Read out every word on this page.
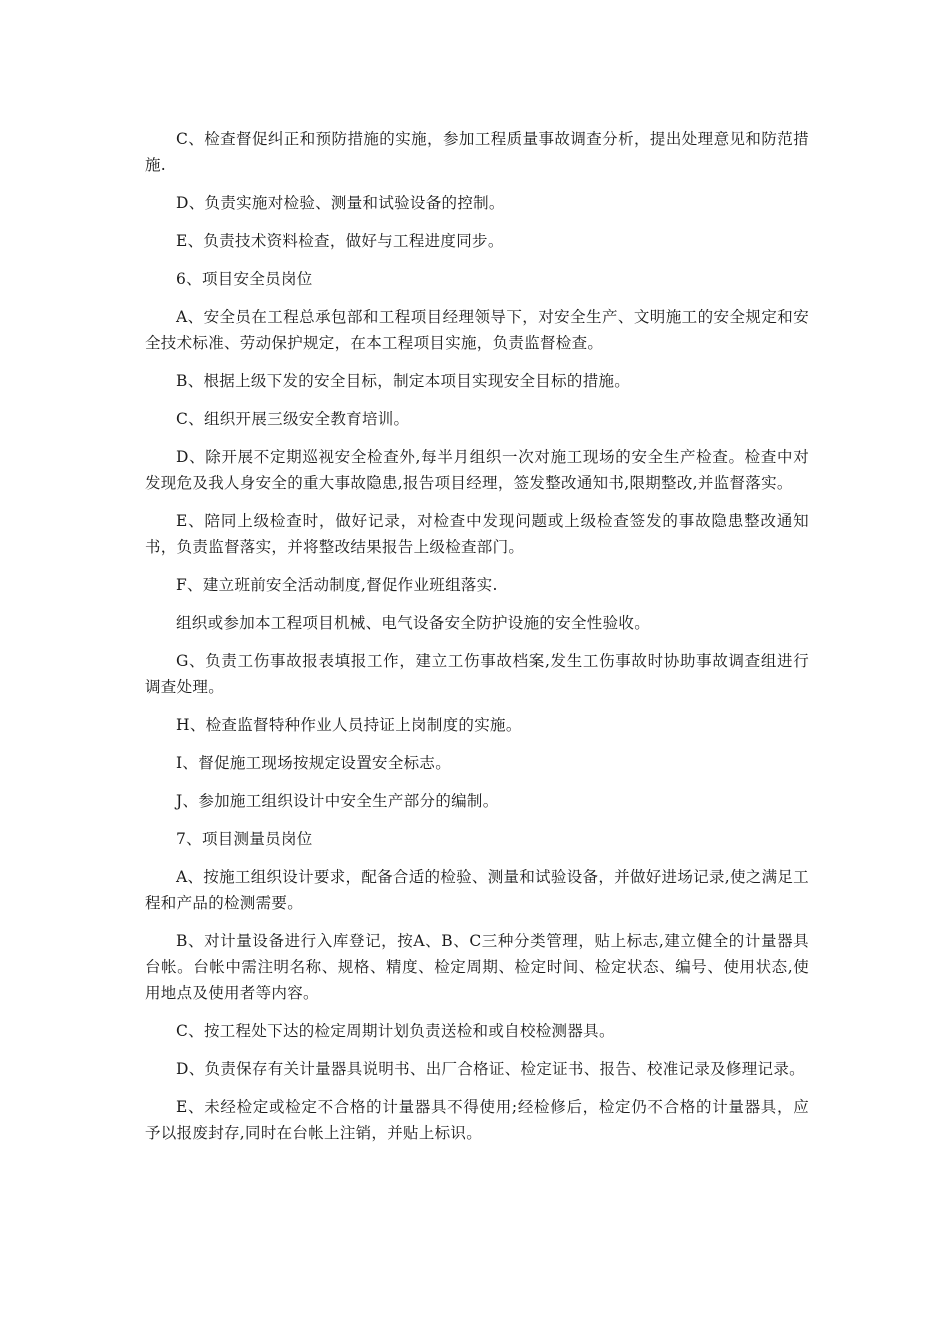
C、检查督促纠正和预防措施的实施，参加工程质量事故调查分析，提出处理意见和防范措施.

D、负责实施对检验、测量和试验设备的控制。

E、负责技术资料检查，做好与工程进度同步。

6、项目安全员岗位

A、安全员在工程总承包部和工程项目经理领导下，对安全生产、文明施工的安全规定和安全技术标准、劳动保护规定，在本工程项目实施，负责监督检查。

B、根据上级下发的安全目标，制定本项目实现安全目标的措施。

C、组织开展三级安全教育培训。

D、除开展不定期巡视安全检查外,每半月组织一次对施工现场的安全生产检查。检查中对发现危及我人身安全的重大事故隐患,报告项目经理，签发整改通知书,限期整改,并监督落实。

E、陪同上级检查时，做好记录，对检查中发现问题或上级检查签发的事故隐患整改通知书，负责监督落实，并将整改结果报告上级检查部门。

F、建立班前安全活动制度,督促作业班组落实.

组织或参加本工程项目机械、电气设备安全防护设施的安全性验收。

G、负责工伤事故报表填报工作，建立工伤事故档案,发生工伤事故时协助事故调查组进行调查处理。

H、检查监督特种作业人员持证上岗制度的实施。

I、督促施工现场按规定设置安全标志。

J、参加施工组织设计中安全生产部分的编制。

7、项目测量员岗位

A、按施工组织设计要求，配备合适的检验、测量和试验设备，并做好进场记录,使之满足工程和产品的检测需要。

B、对计量设备进行入库登记，按A、B、C三种分类管理，贴上标志,建立健全的计量器具台帐。台帐中需注明名称、规格、精度、检定周期、检定时间、检定状态、编号、使用状态,使用地点及使用者等内容。

C、按工程处下达的检定周期计划负责送检和或自校检测器具。

D、负责保存有关计量器具说明书、出厂合格证、检定证书、报告、校准记录及修理记录。

E、未经检定或检定不合格的计量器具不得使用;经检修后，检定仍不合格的计量器具，应予以报废封存,同时在台帐上注销，并贴上标识。
